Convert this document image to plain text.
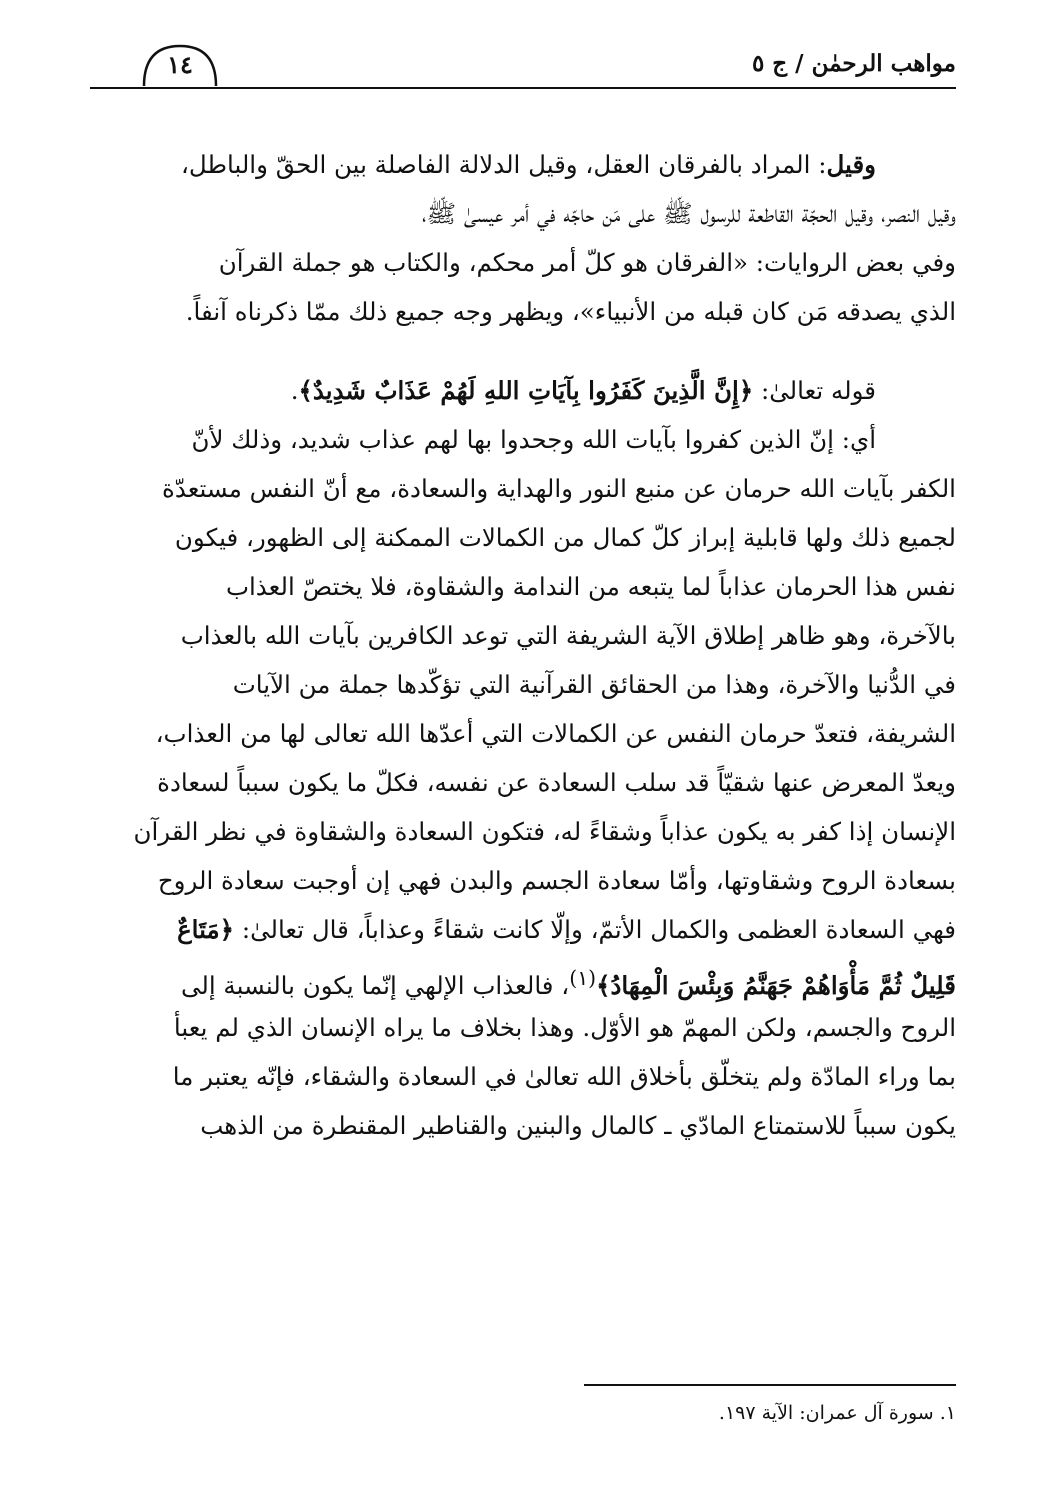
مواهب الرحمٰن / ج ٥
١٤
وقيل: المراد بالفرقان العقل، وقيل الدلالة الفاصلة بين الحقّ والباطل،
وقيل النصر، وقيل الحجّة القاطعة للرسول ﷺ على مَن حاجّه في أمر عيسىٰ ﷺ،
وفي بعض الروايات: «الفرقان هو كلّ أمر محكم، والكتاب هو جملة القرآن
الذي يصدقه مَن كان قبله من الأنبياء»، ويظهر وجه جميع ذلك ممّا ذكرناه آنفاً.
قوله تعالىٰ: ﴿إِنَّ الَّذِينَ كَفَرُوا بِآيَاتِ اللهِ لَهُمْ عَذَابٌ شَدِيدٌ﴾.
أي: إنّ الذين كفروا بآيات الله وجحدوا بها لهم عذاب شديد، وذلك لأنّ
الكفر بآيات الله حرمان عن منبع النور والهداية والسعادة، مع أنّ النفس مستعدّة
لجميع ذلك ولها قابلية إبراز كلّ كمال من الكمالات الممكنة إلى الظهور، فيكون
نفس هذا الحرمان عذاباً لما يتبعه من الندامة والشقاوة، فلا يختصّ العذاب
بالآخرة، وهو ظاهر إطلاق الآية الشريفة التي توعد الكافرين بآيات الله بالعذاب
في الدُّنيا والآخرة، وهذا من الحقائق القرآنية التي تؤكّدها جملة من الآيات
الشريفة، فتعدّ حرمان النفس عن الكمالات التي أعدّها الله تعالى لها من العذاب،
ويعدّ المعرض عنها شقيّاً قد سلب السعادة عن نفسه، فكلّ ما يكون سبباً لسعادة
الإنسان إذا كفر به يكون عذاباً وشقاءً له، فتكون السعادة والشقاوة في نظر القرآن
بسعادة الروح وشقاوتها، وأمّا سعادة الجسم والبدن فهي إن أوجبت سعادة الروح
فهي السعادة العظمى والكمال الأتمّ، وإلّا كانت شقاءً وعذاباً، قال تعالىٰ: ﴿مَتَاعٌ
قَلِيلٌ ثُمَّ مَأْوَاهُمْ جَهَنَّمُ وَبِئْسَ الْمِهَادُ﴾$^{(١)}$، فالعذاب الإلهي إنّما يكون بالنسبة إلى
الروح والجسم، ولكن المهمّ هو الأوّل. وهذا بخلاف ما يراه الإنسان الذي لم يعبأ
بما وراء المادّة ولم يتخلّق بأخلاق الله تعالىٰ في السعادة والشقاء، فإنّه يعتبر ما
يكون سبباً للاستمتاع المادّي ـ كالمال والبنين والقناطير المقنطرة من الذهب
١. سورة آل عمران: الآية ١٩٧.
